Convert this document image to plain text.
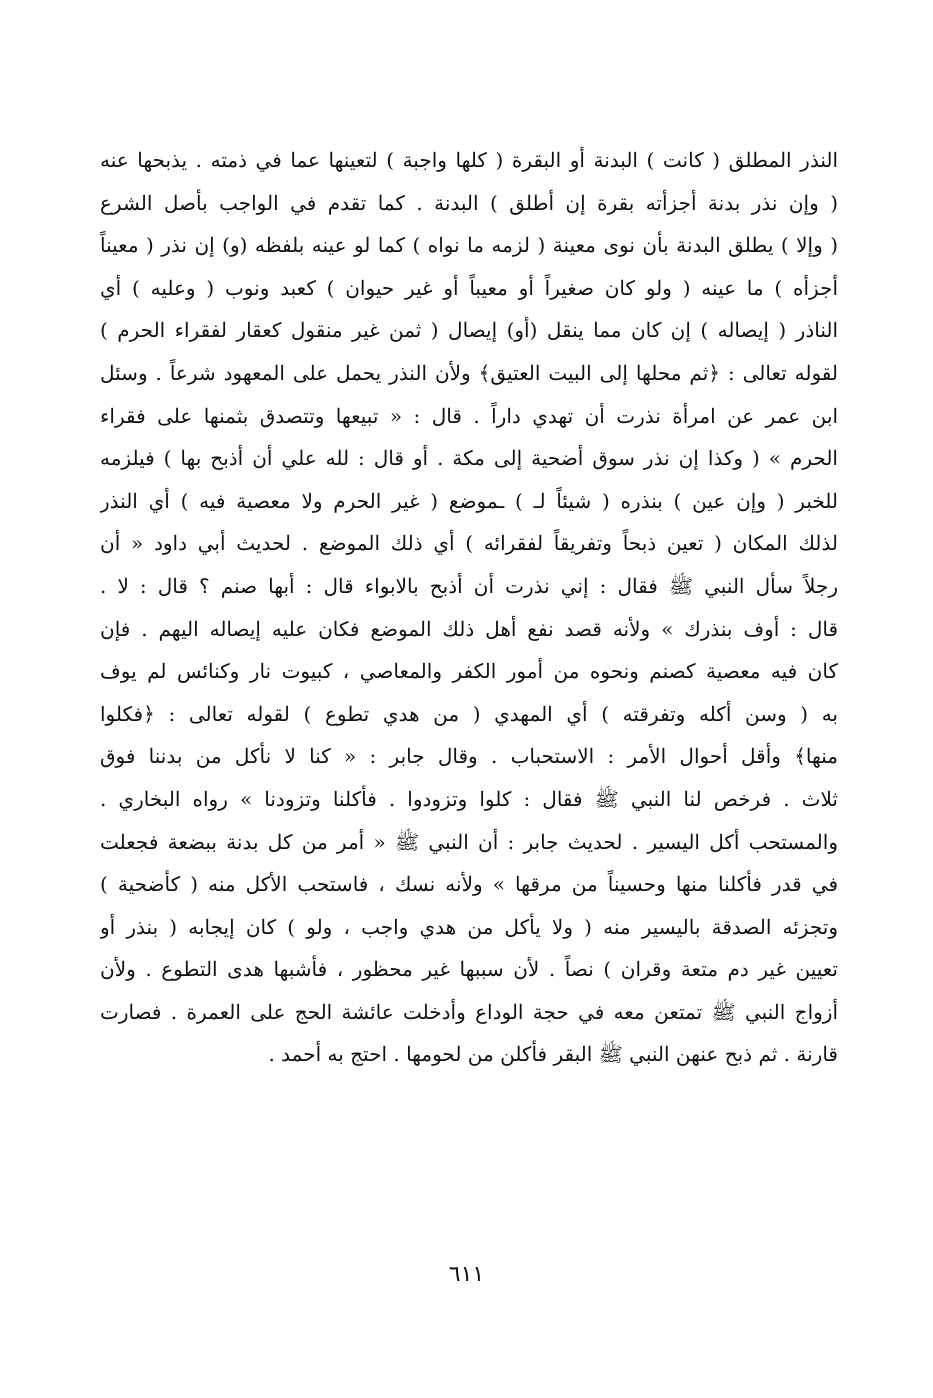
النذر المطلق ( كانت ) البدنة أو البقرة ( كلها واجبة ) لتعينها عما في ذمته . يذبحها عنه
( وإن نذر بدنة أجزأته بقرة إن أطلق ) البدنة . كما تقدم في الواجب بأصل الشرع
( وإلا ) يطلق البدنة بأن نوى معينة ( لزمه ما نواه ) كما لو عينه بلفظه (و) إن نذر ( معيناً
أجزأه ) ما عينه ( ولو كان صغيراً أو معيباً أو غير حيوان ) كعبد ونوب ( وعليه ) أي
الناذر ( إيصاله ) إن كان مما ينقل (أو) إيصال ( ثمن غير منقول كعقار لفقراء الحرم )
لقوله تعالى : ﴿ثم محلها إلى البيت العتيق﴾ ولأن النذر يحمل على المعهود شرعاً . وسئل
ابن عمر عن امرأة نذرت أن تهدي داراً . قال : « تبيعها وتتصدق بثمنها على فقراء
الحرم » ( وكذا إن نذر سوق أضحية إلى مكة . أو قال : لله علي أن أذبح بها ) فيلزمه
للخبر ( وإن عين ) بنذره ( شيئاً لـ ) ـموضع ( غير الحرم ولا معصية فيه ) أي النذر
لذلك المكان ( تعين ذبحاً وتفريقاً لفقرائه ) أي ذلك الموضع . لحديث أبي داود « أن
رجلاً سأل النبي ﷺ فقال : إني نذرت أن أذبح بالابواء قال : أبها صنم ؟ قال : لا .
قال : أوف بنذرك » ولأنه قصد نفع أهل ذلك الموضع فكان عليه إيصاله اليهم . فإن
كان فيه معصية كصنم ونحوه من أمور الكفر والمعاصي ، كبيوت نار وكنائس لم يوف
به ( وسن أكله وتفرقته ) أي المهدي ( من هدي تطوع ) لقوله تعالى : ﴿فكلوا
منها﴾ وأقل أحوال الأمر : الاستحباب . وقال جابر : « كنا لا نأكل من بدننا فوق
ثلاث . فرخص لنا النبي ﷺ فقال : كلوا وتزودوا . فأكلنا وتزودنا » رواه البخاري .
والمستحب أكل اليسير . لحديث جابر : أن النبي ﷺ « أمر من كل بدنة ببضعة فجعلت
في قدر فأكلنا منها وحسيناً من مرقها » ولأنه نسك ، فاستحب الأكل منه ( كأضحية )
وتجزئه الصدقة باليسير منه ( ولا يأكل من هدي واجب ، ولو ) كان إيجابه ( بنذر أو
تعيين غير دم متعة وقران ) نصاً . لأن سببها غير محظور ، فأشبها هدى التطوع . ولأن
أزواج النبي ﷺ تمتعن معه في حجة الوداع وأدخلت عائشة الحج على العمرة . فصارت
قارنة . ثم ذبح عنهن النبي ﷺ البقر فأكلن من لحومها . احتج به أحمد .
٦١١
